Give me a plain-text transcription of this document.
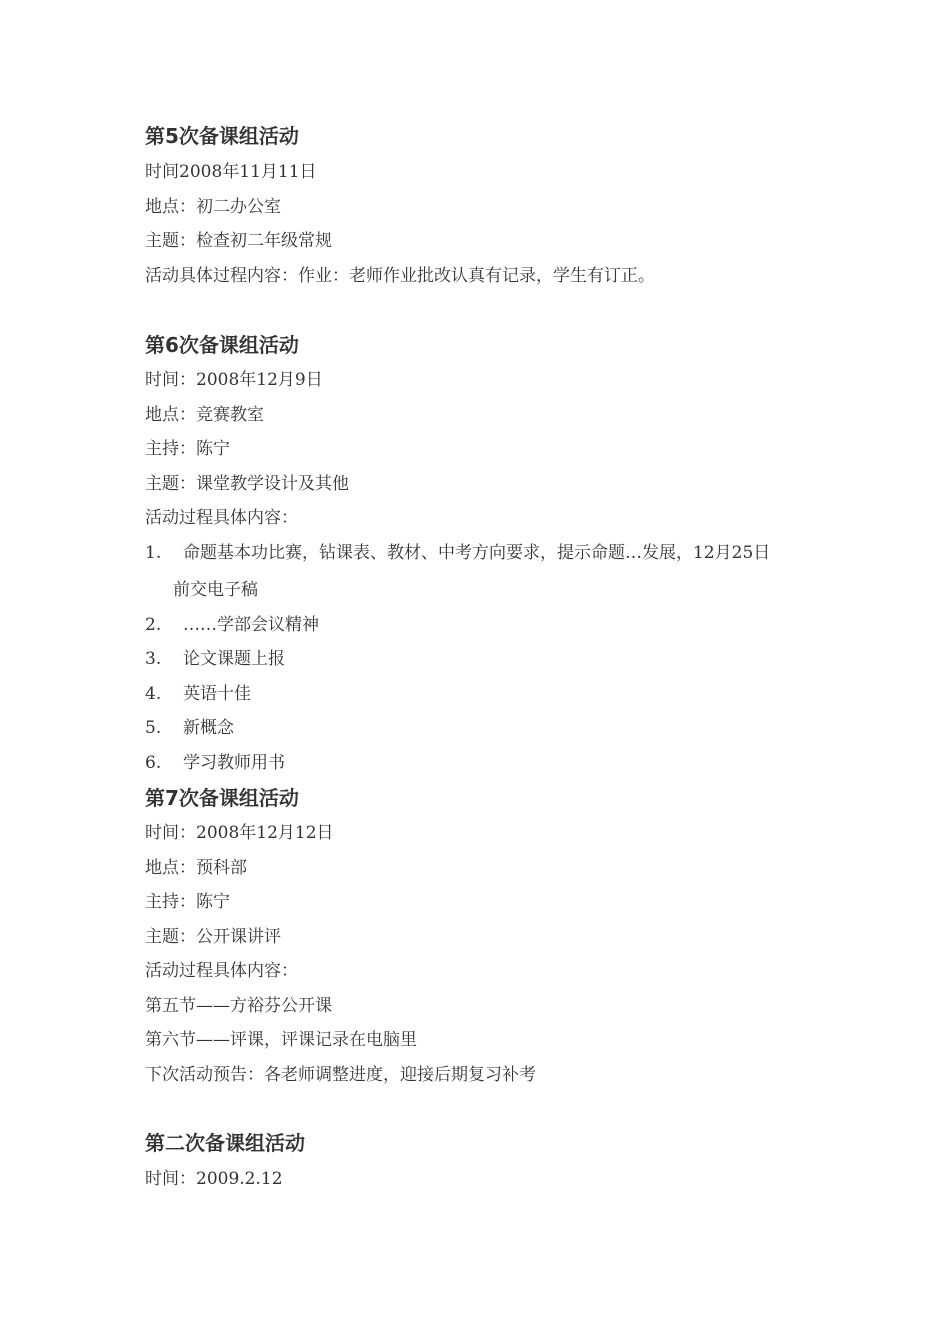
第5次备课组活动
时间2008年11月11日
地点：初二办公室
主题：检查初二年级常规
活动具体过程内容：作业：老师作业批改认真有记录，学生有订正。
第6次备课组活动
时间：2008年12月9日
地点：竞赛教室
主持：陈宁
主题：课堂教学设计及其他
活动过程具体内容：
1. 命题基本功比赛，钻课表、教材、中考方向要求，提示命题…发展，12月25日
前交电子稿
2. ……学部会议精神
3. 论文课题上报
4. 英语十佳
5. 新概念
6. 学习教师用书
第7次备课组活动
时间：2008年12月12日
地点：预科部
主持：陈宁
主题：公开课讲评
活动过程具体内容：
第五节——方裕芬公开课
第六节——评课，评课记录在电脑里
下次活动预告：各老师调整进度，迎接后期复习补考
第二次备课组活动
时间：2009.2.12
